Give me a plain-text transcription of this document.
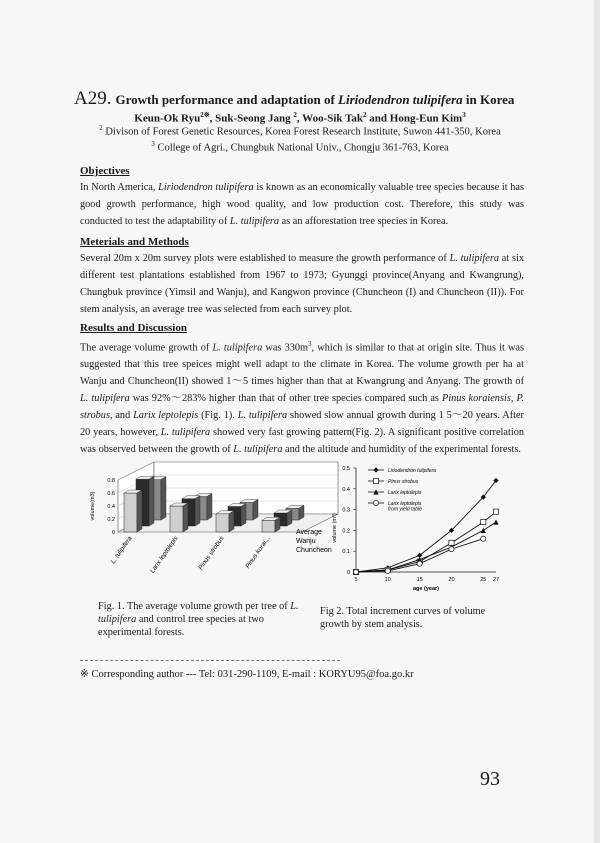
A29. Growth performance and adaptation of Liriodendron tulipifera in Korea
Keun-Ok Ryu$^{2※}$, Suk-Seong Jang $^2$, Woo-Sik Tak$^2$ and Hong-Eun Kim$^3$
$^2$ Divison of Forest Genetic Resources, Korea Forest Research Institute, Suwon 441-350, Korea
$^3$ College of Agri., Chungbuk National Univ., Chongju 361-763, Korea
Objectives
In North America, Liriodendron tulipifera is known as an economically valuable tree species because it has good growth performance, high wood quality, and low production cost. Therefore, this study was conducted to test the adaptability of L. tulipifera as an afforestation tree species in Korea.
Meterials and Methods
Several 20m x 20m survey plots were established to measure the growth performance of L. tulipifera at six different test plantations established from 1967 to 1973; Gyunggi province(Anyang and Kwangrung), Chungbuk province (Yimsil and Wanju), and Kangwon province (Chuncheon (I) and Chuncheon (II)). For stem analysis, an average tree was selected from each survey plot.
Results and Discussion
The average volume growth of L. tulipifera was $330m^3$, which is similar to that at origin site. Thus it was suggested that this tree speices might well adapt to the climate in Korea. The volume growth per ha at Wanju and Chuncheon(II) showed 1～5 times higher than that at Kwangrung and Anyang. The growth of L. tulipifera was 92%～283% higher than that of other tree species compared such as Pinus koraiensis, P. strobus, and Larix leptolepis (Fig. 1). L. tulipifera showed slow annual growth during 1 5～20 years. After 20 years, however, L. tulipifera showed very fast growing pattern(Fig. 2). A significant positive correlation was observed between the growth of L. tulipifera and the altitude and humidity of the experimental forests.
0
0.2
0.4
0.6
0.8
volume(m3)
Average
Wanju
Chuncheon
L. tulipifera Larix leptolepis	Pinus strobus	Pinus korai...
0
0.1
0.2
0.3
0.4
0.5
5	10	15	20	25 27
age (year)
volume (m³)
Liriodendron tulipifera
Pinus strobus
Larix leptolepis
Larix leptolepis
from yield table
Fig. 1. The average volume growth per tree of L. tulipifera and control tree species at two experimental forests.
Fig 2. Total increment curves of volume growth by stem analysis.
※ Corresponding author --- Tel: 031-290-1109, E-mail : KORYU95@foa.go.kr
93
